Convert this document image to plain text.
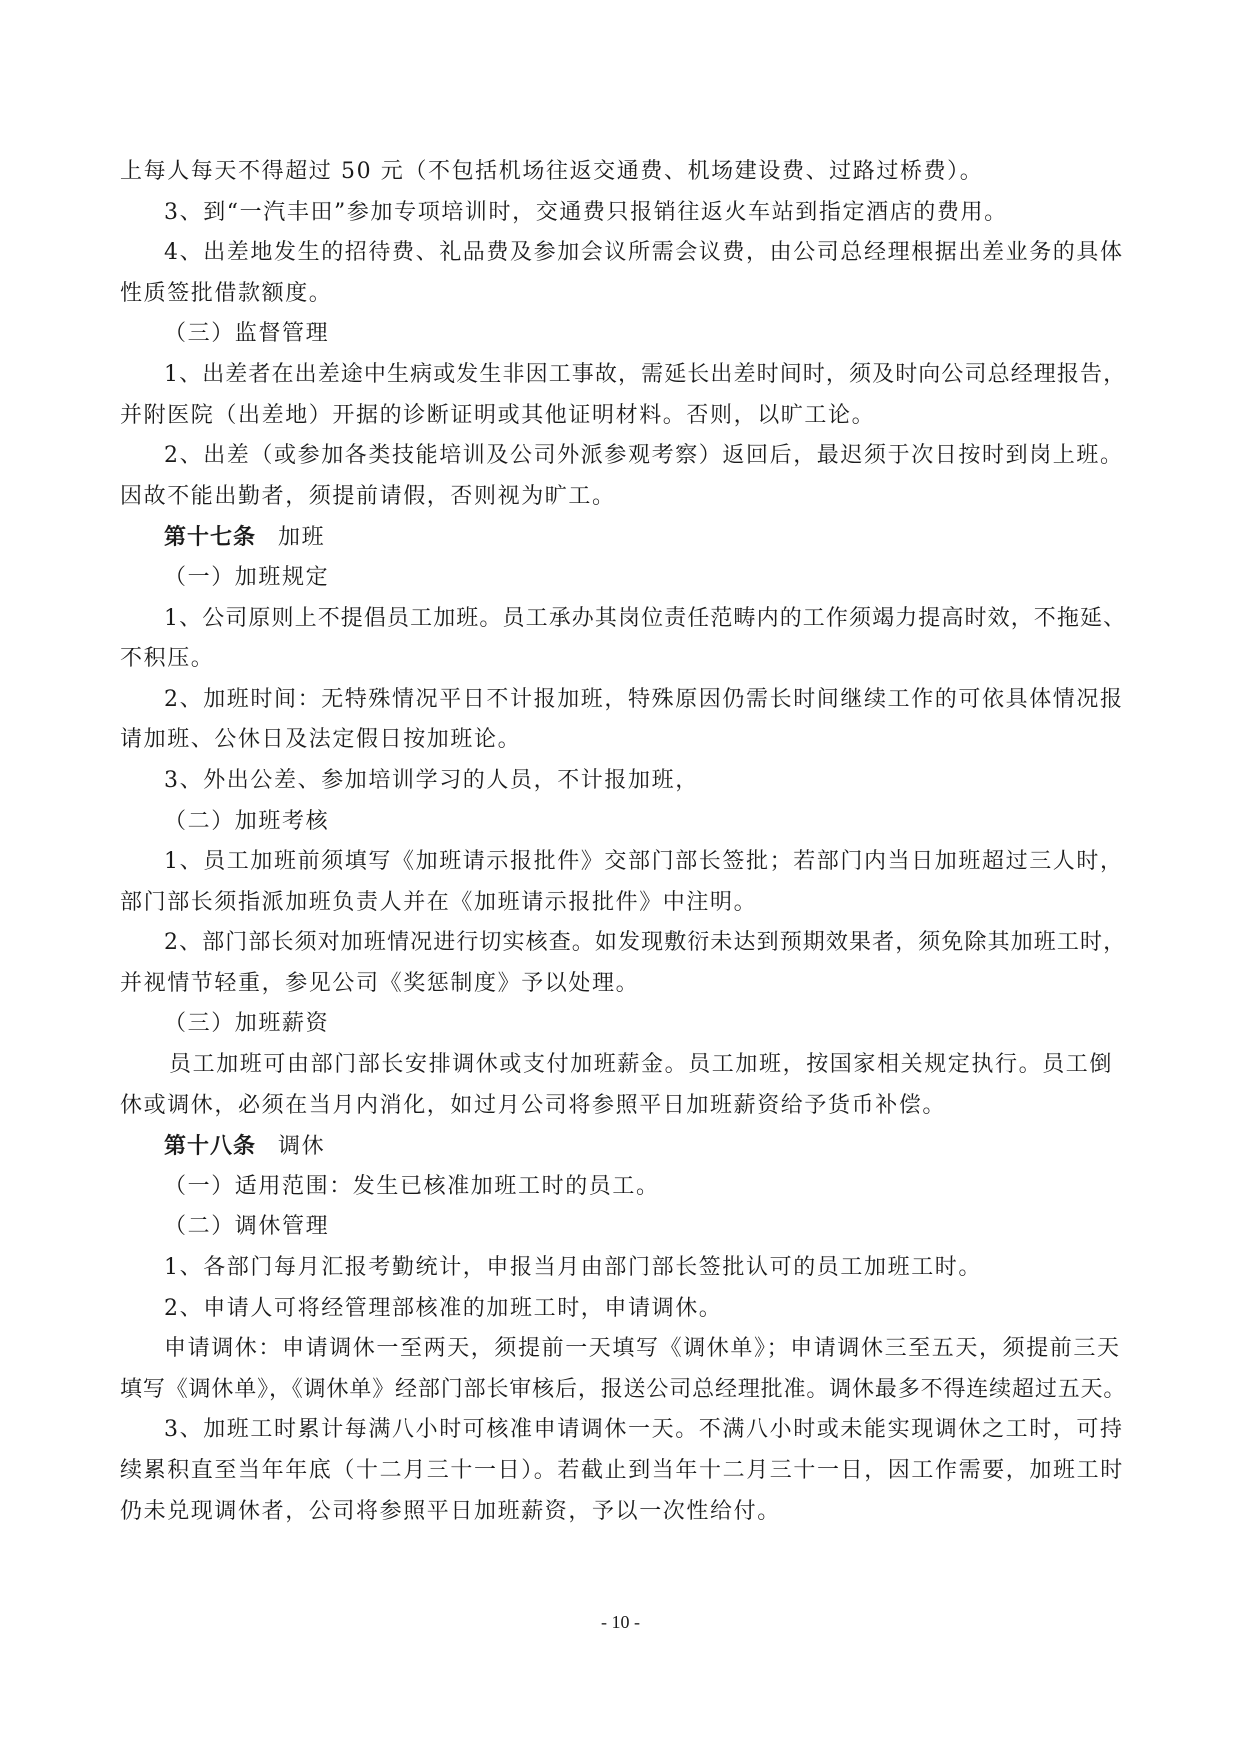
上每人每天不得超过 50 元（不包括机场往返交通费、机场建设费、过路过桥费）。
3、到“一汽丰田”参加专项培训时，交通费只报销往返火车站到指定酒店的费用。
4、出差地发生的招待费、礼品费及参加会议所需会议费，由公司总经理根据出差业务的具体
性质签批借款额度。
（三）监督管理
1、出差者在出差途中生病或发生非因工事故，需延长出差时间时，须及时向公司总经理报告，
并附医院（出差地）开据的诊断证明或其他证明材料。否则，以旷工论。
2、出差（或参加各类技能培训及公司外派参观考察）返回后，最迟须于次日按时到岗上班。
因故不能出勤者，须提前请假，否则视为旷工。
第十七条 加班
（一）加班规定
1、公司原则上不提倡员工加班。员工承办其岗位责任范畴内的工作须竭力提高时效，不拖延、
不积压。
2、加班时间：无特殊情况平日不计报加班，特殊原因仍需长时间继续工作的可依具体情况报
请加班、公休日及法定假日按加班论。
3、外出公差、参加培训学习的人员，不计报加班，
（二）加班考核
1、员工加班前须填写《加班请示报批件》交部门部长签批；若部门内当日加班超过三人时，
部门部长须指派加班负责人并在《加班请示报批件》中注明。
2、部门部长须对加班情况进行切实核查。如发现敷衍未达到预期效果者，须免除其加班工时，
并视情节轻重，参见公司《奖惩制度》予以处理。
（三）加班薪资
员工加班可由部门部长安排调休或支付加班薪金。员工加班，按国家相关规定执行。员工倒
休或调休，必须在当月内消化，如过月公司将参照平日加班薪资给予货币补偿。
第十八条 调休
（一）适用范围：发生已核准加班工时的员工。
（二）调休管理
1、各部门每月汇报考勤统计，申报当月由部门部长签批认可的员工加班工时。
2、申请人可将经管理部核准的加班工时，申请调休。
申请调休：申请调休一至两天，须提前一天填写《调休单》；申请调休三至五天，须提前三天
填写《调休单》，《调休单》经部门部长审核后，报送公司总经理批准。调休最多不得连续超过五天。
3、加班工时累计每满八小时可核准申请调休一天。不满八小时或未能实现调休之工时，可持
续累积直至当年年底（十二月三十一日）。若截止到当年十二月三十一日，因工作需要，加班工时
仍未兑现调休者，公司将参照平日加班薪资，予以一次性给付。
- 10 -
